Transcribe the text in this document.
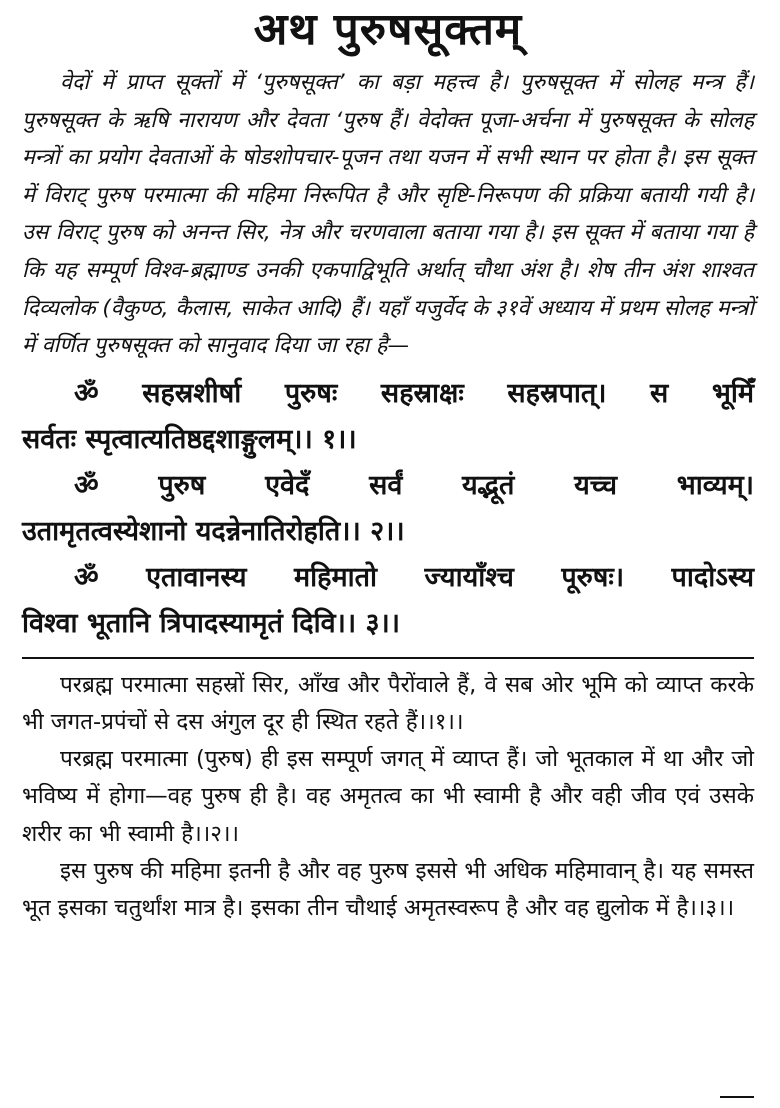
अथ पुरुषसूक्तम्

वेदों में प्राप्त सूक्तों में ‘पुरुषसूक्त’ का बड़ा महत्त्व है। पुरुषसूक्त में सोलह मन्त्र हैं। पुरुषसूक्त के ऋषि नारायण और देवता ‘पुरुष हैं। वेदोक्त पूजा-अर्चना में पुरुषसूक्त के सोलह मन्त्रों का प्रयोग देवताओं के षोडशोपचार-पूजन तथा यजन में सभी स्थान पर होता है। इस सूक्त में विराट् पुरुष परमात्मा की महिमा निरूपित है और सृष्टि-निरूपण की प्रक्रिया बतायी गयी है। उस विराट् पुरुष को अनन्त सिर, नेत्र और चरणवाला बताया गया है। इस सूक्त में बताया गया है कि यह सम्पूर्ण विश्व-ब्रह्माण्ड उनकी एकपाद्विभूति अर्थात् चौथा अंश है। शेष तीन अंश शाश्वत दिव्यलोक (वैकुण्ठ, कैलास, साकेत आदि) हैं। यहाँ यजुर्वेद के ३१वें अध्याय में प्रथम सोलह मन्त्रों में वर्णित पुरुषसूक्त को सानुवाद दिया जा रहा है—

ॐ सहस्रशीर्षा पुरुषः सहस्राक्षः सहस्रपात्। स भूमिँ
सर्वतः स्पृत्वात्यतिष्ठद्दशाङ्गुलम्।। १।।

ॐ पुरुष एवेदँ सर्वं यद्भूतं यच्च भाव्यम्।
उतामृतत्वस्येशानो यदन्नेनातिरोहति।। २।।

ॐ एतावानस्य महिमातो ज्यायाँश्च पूरुषः। पादोऽस्य
विश्वा भूतानि त्रिपादस्यामृतं दिवि।। ३।।

परब्रह्म परमात्मा सहस्रों सिर, आँख और पैरोंवाले हैं, वे सब ओर भूमि को व्याप्त करके भी जगत-प्रपंचों से दस अंगुल दूर ही स्थित रहते हैं।।१।।

परब्रह्म परमात्मा (पुरुष) ही इस सम्पूर्ण जगत् में व्याप्त हैं। जो भूतकाल में था और जो भविष्य में होगा—वह पुरुष ही है। वह अमृतत्व का भी स्वामी है और वही जीव एवं उसके शरीर का भी स्वामी है।।२।।

इस पुरुष की महिमा इतनी है और वह पुरुष इससे भी अधिक महिमावान् है। यह समस्त भूत इसका चतुर्थांश मात्र है। इसका तीन चौथाई अमृतस्वरूप है और वह द्युलोक में है।।३।।
